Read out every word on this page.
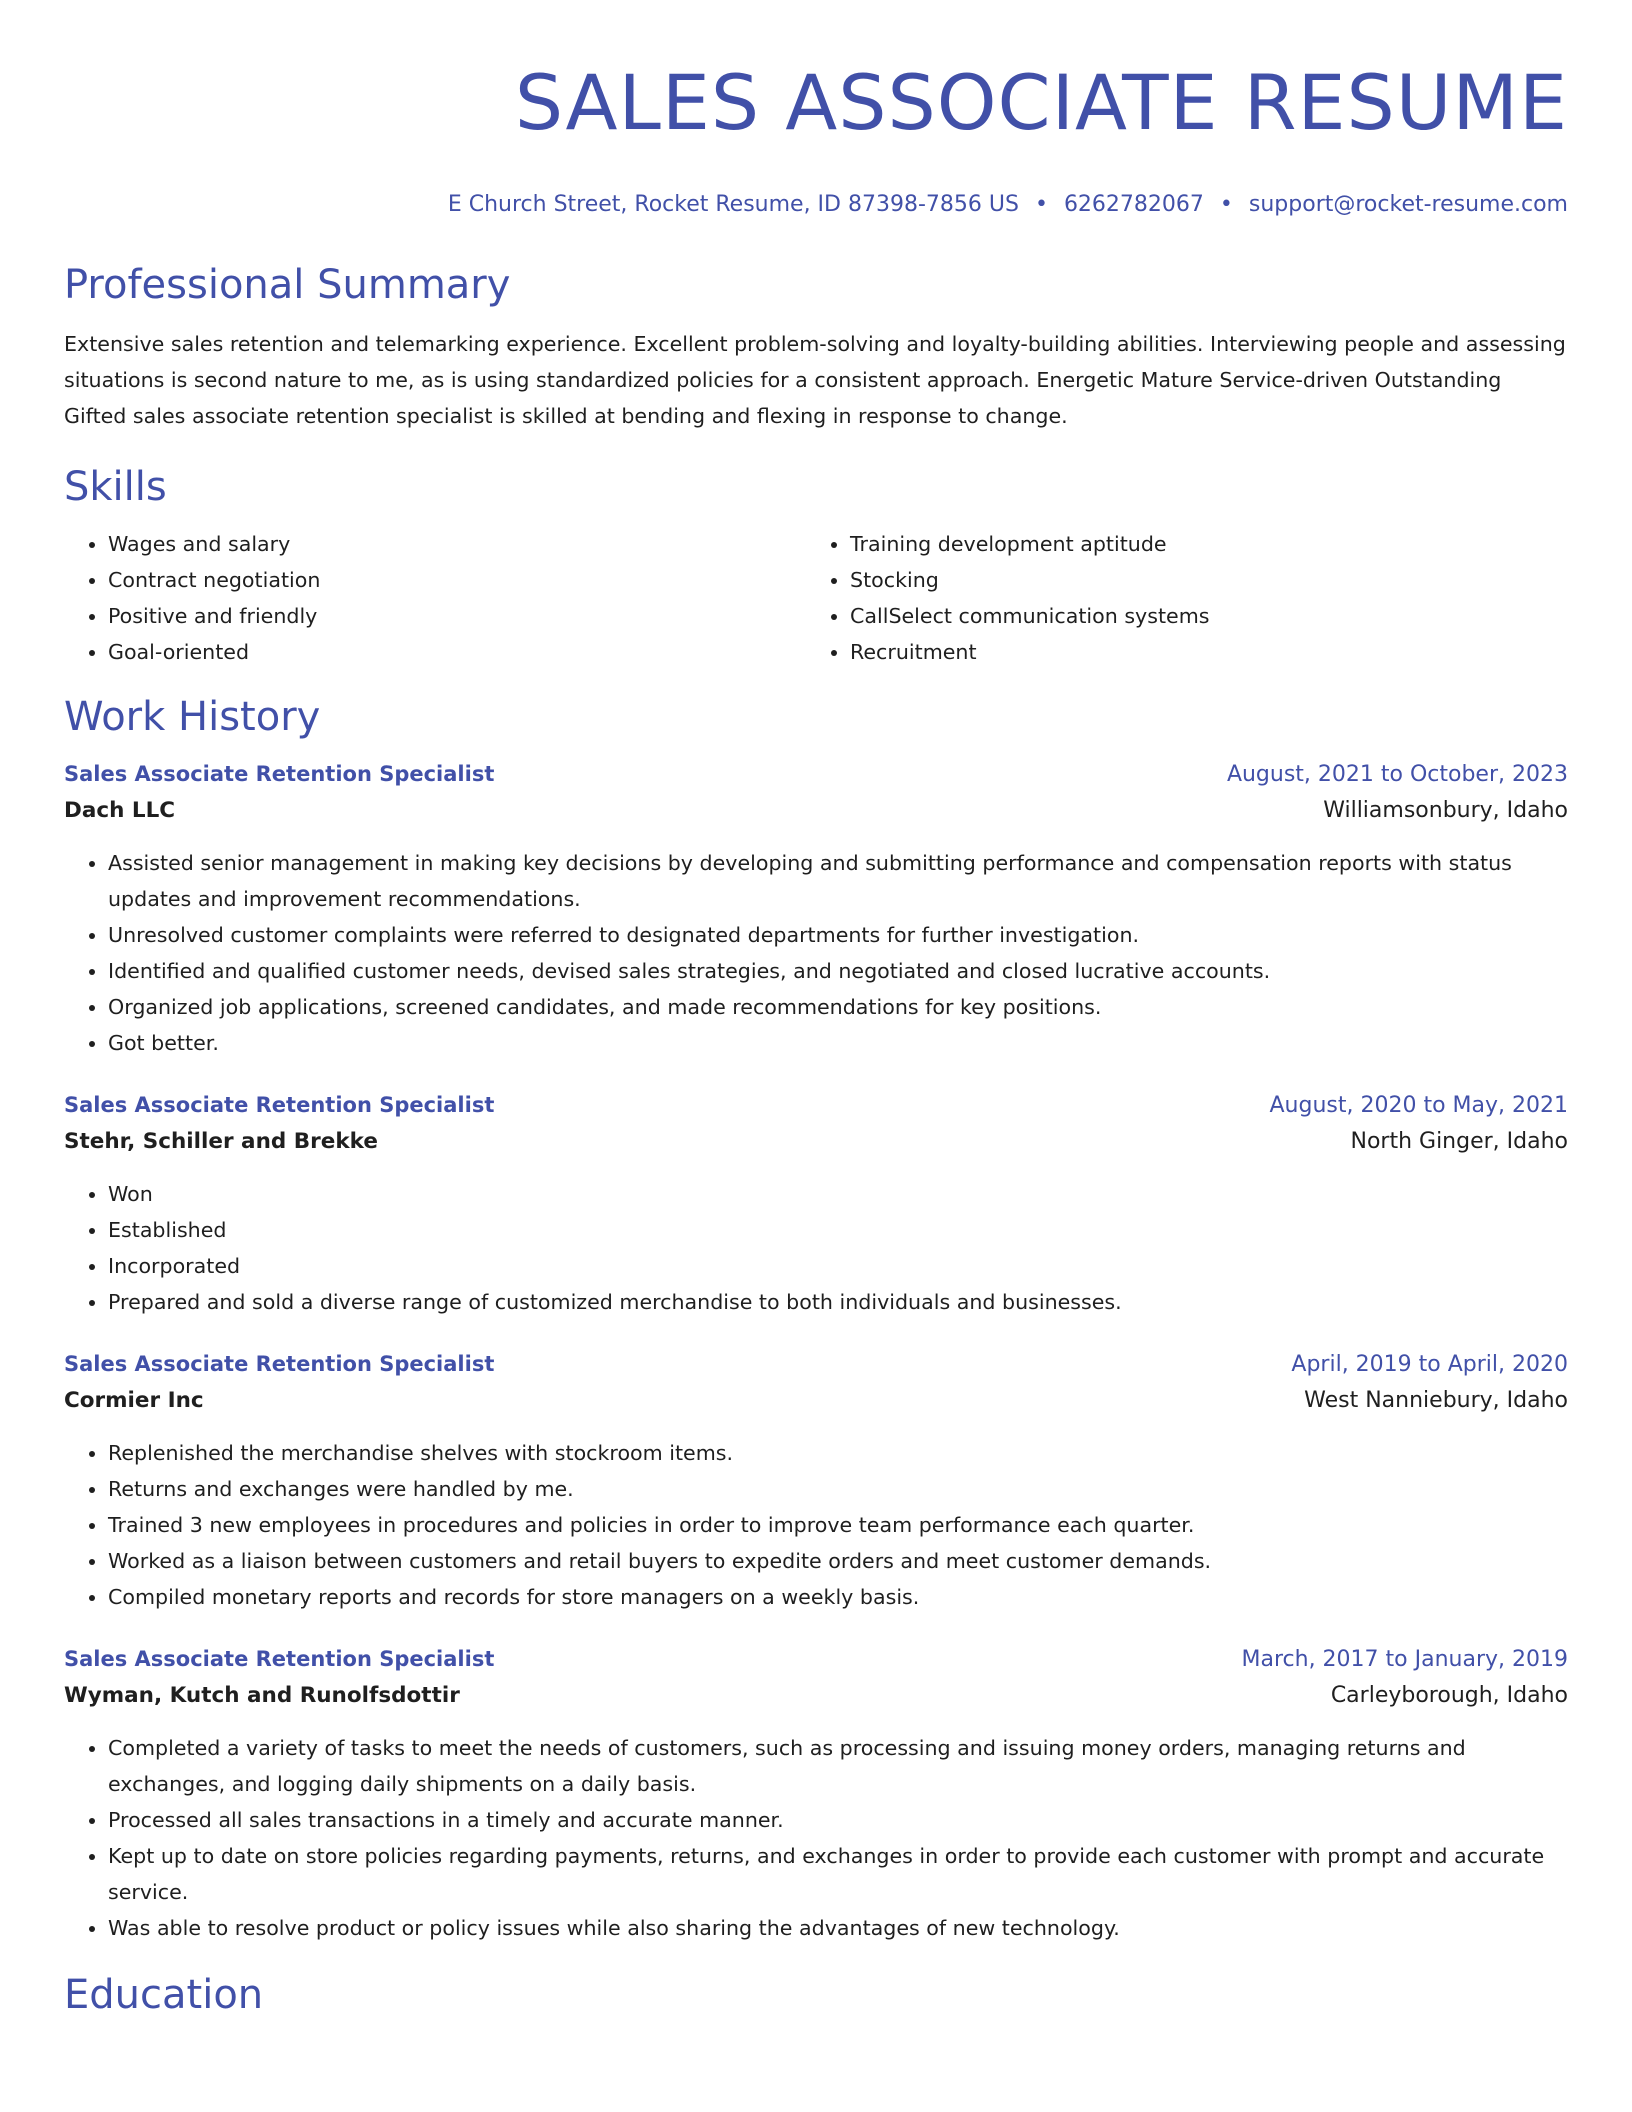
SALES ASSOCIATE RESUME
E Church Street, Rocket Resume, ID 87398-7856 US • 6262782067 • support@rocket-resume.com
Professional Summary
Extensive sales retention and telemarking experience. Excellent problem-solving and loyalty-building abilities. Interviewing people and assessing situations is second nature to me, as is using standardized policies for a consistent approach. Energetic Mature Service-driven Outstanding Gifted sales associate retention specialist is skilled at bending and flexing in response to change.
Skills
• Wages and salary
• Contract negotiation
• Positive and friendly
• Goal-oriented
• Training development aptitude
• Stocking
• CallSelect communication systems
• Recruitment
Work History
Sales Associate Retention Specialist	August, 2021 to October, 2023
Dach LLC	Williamsonbury, Idaho
• Assisted senior management in making key decisions by developing and submitting performance and compensation reports with status updates and improvement recommendations.
• Unresolved customer complaints were referred to designated departments for further investigation.
• Identified and qualified customer needs, devised sales strategies, and negotiated and closed lucrative accounts.
• Organized job applications, screened candidates, and made recommendations for key positions.
• Got better.
Sales Associate Retention Specialist	August, 2020 to May, 2021
Stehr, Schiller and Brekke	North Ginger, Idaho
• Won
• Established
• Incorporated
• Prepared and sold a diverse range of customized merchandise to both individuals and businesses.
Sales Associate Retention Specialist	April, 2019 to April, 2020
Cormier Inc	West Nanniebury, Idaho
• Replenished the merchandise shelves with stockroom items.
• Returns and exchanges were handled by me.
• Trained 3 new employees in procedures and policies in order to improve team performance each quarter.
• Worked as a liaison between customers and retail buyers to expedite orders and meet customer demands.
• Compiled monetary reports and records for store managers on a weekly basis.
Sales Associate Retention Specialist	March, 2017 to January, 2019
Wyman, Kutch and Runolfsdottir	Carleyborough, Idaho
• Completed a variety of tasks to meet the needs of customers, such as processing and issuing money orders, managing returns and exchanges, and logging daily shipments on a daily basis.
• Processed all sales transactions in a timely and accurate manner.
• Kept up to date on store policies regarding payments, returns, and exchanges in order to provide each customer with prompt and accurate service.
• Was able to resolve product or policy issues while also sharing the advantages of new technology.
Education
